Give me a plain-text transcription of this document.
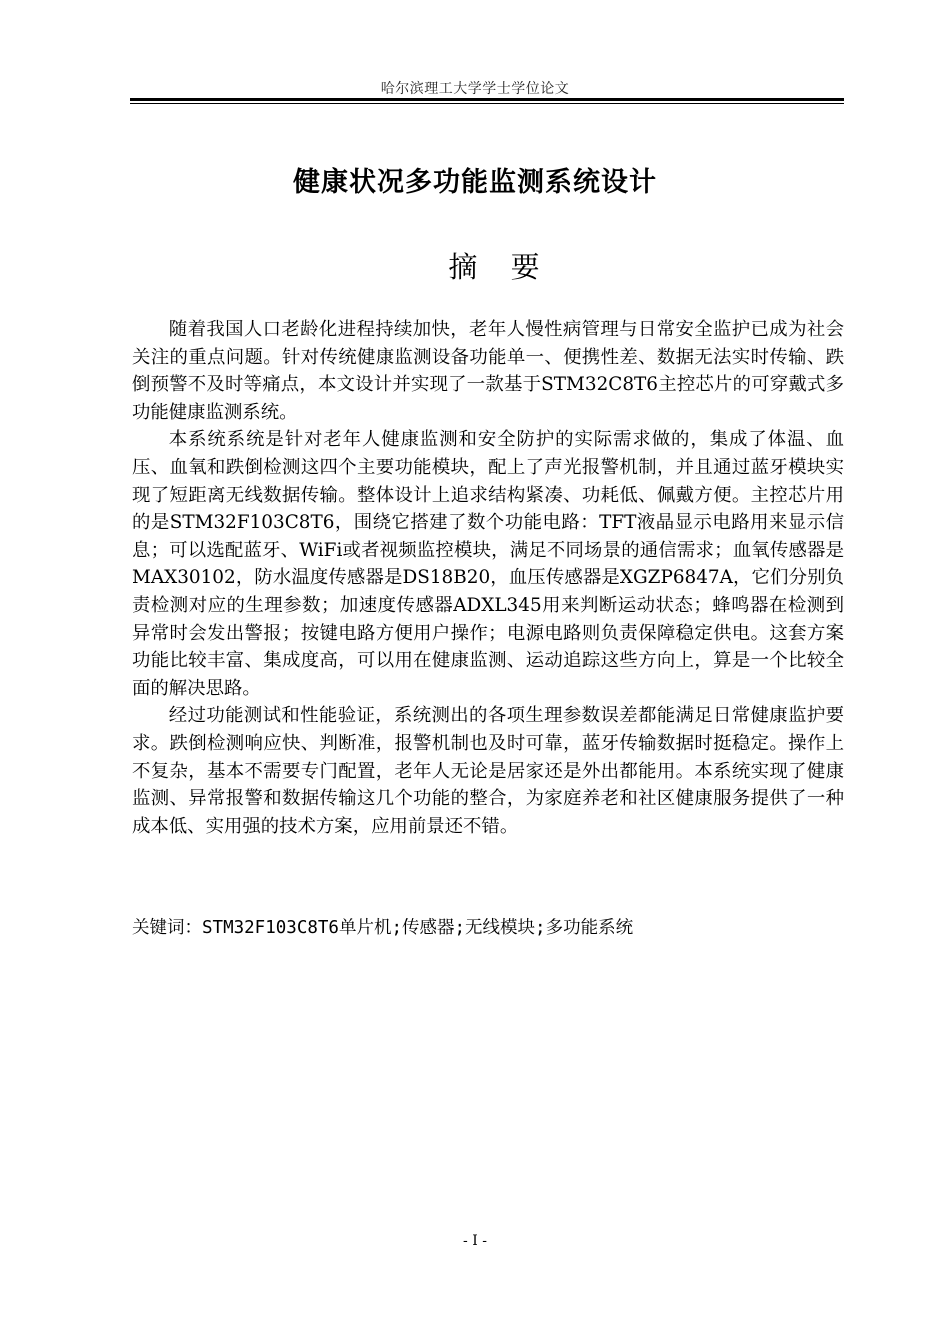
哈尔滨理工大学学士学位论文
健康状况多功能监测系统设计
摘 要

随着我国人口老龄化进程持续加快，老年人慢性病管理与日常安全监护已成为社会关注的重点问题。针对传统健康监测设备功能单一、便携性差、数据无法实时传输、跌倒预警不及时等痛点，本文设计并实现了一款基于STM32C8T6主控芯片的可穿戴式多功能健康监测系统。

本系统系统是针对老年人健康监测和安全防护的实际需求做的，集成了体温、血压、血氧和跌倒检测这四个主要功能模块，配上了声光报警机制，并且通过蓝牙模块实现了短距离无线数据传输。整体设计上追求结构紧凑、功耗低、佩戴方便。主控芯片用的是STM32F103C8T6，围绕它搭建了数个功能电路：TFT液晶显示电路用来显示信息；可以选配蓝牙、WiFi或者视频监控模块，满足不同场景的通信需求；血氧传感器是MAX30102，防水温度传感器是DS18B20，血压传感器是XGZP6847A，它们分别负责检测对应的生理参数；加速度传感器ADXL345用来判断运动状态；蜂鸣器在检测到异常时会发出警报；按键电路方便用户操作；电源电路则负责保障稳定供电。这套方案功能比较丰富、集成度高，可以用在健康监测、运动追踪这些方向上，算是一个比较全面的解决思路。

经过功能测试和性能验证，系统测出的各项生理参数误差都能满足日常健康监护要求。跌倒检测响应快、判断准，报警机制也及时可靠，蓝牙传输数据时挺稳定。操作上不复杂，基本不需要专门配置，老年人无论是居家还是外出都能用。本系统实现了健康监测、异常报警和数据传输这几个功能的整合，为家庭养老和社区健康服务提供了一种成本低、实用强的技术方案，应用前景还不错。

关键词：STM32F103C8T6单片机;传感器;无线模块;多功能系统
- I -
